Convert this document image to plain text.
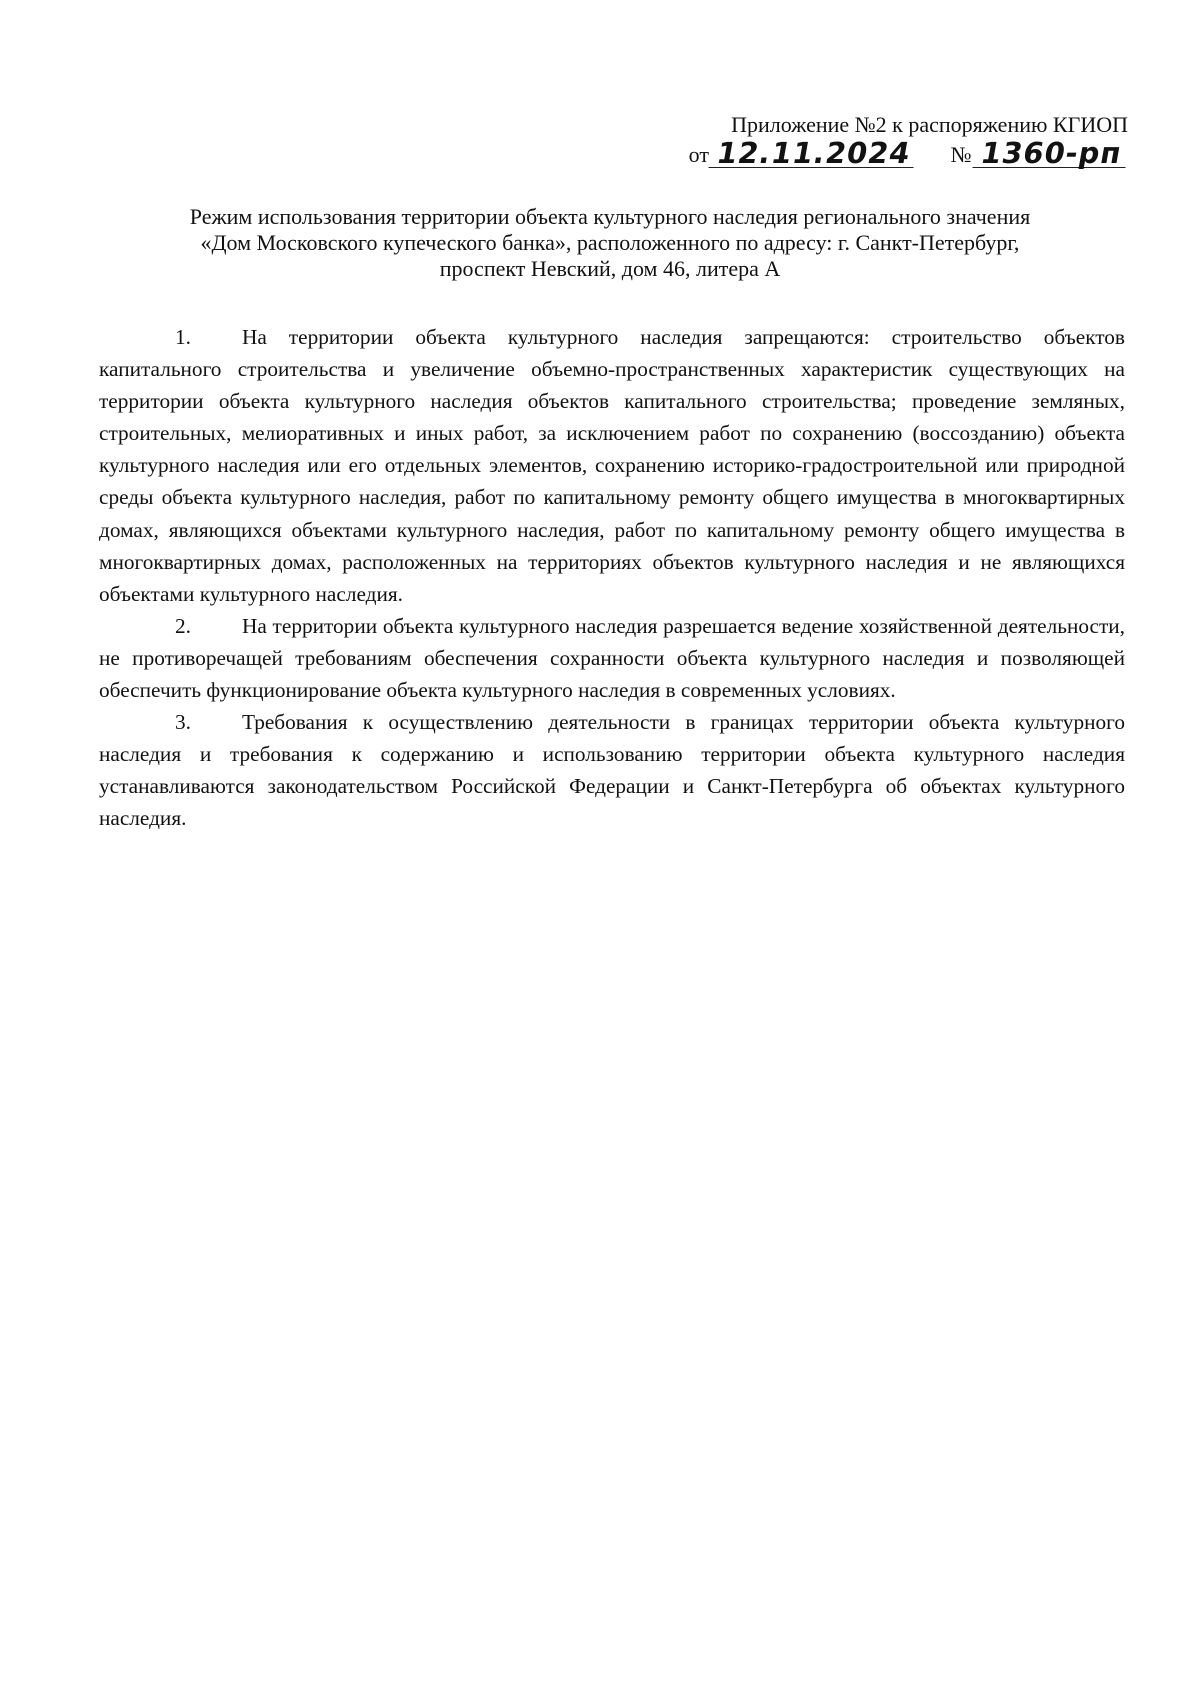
Приложение №2 к распоряжению КГИОП
от 12.11.2024 № 1360-рп
Режим использования территории объекта культурного наследия регионального значения
«Дом Московского купеческого банка», расположенного по адресу: г. Санкт-Петербург,
проспект Невский, дом 46, литера А

1. На территории объекта культурного наследия запрещаются: строительство объектов капитального строительства и увеличение объемно-пространственных характеристик существующих на территории объекта культурного наследия объектов капитального строительства; проведение земляных, строительных, мелиоративных и иных работ, за исключением работ по сохранению (воссозданию) объекта культурного наследия или его отдельных элементов, сохранению историко-градостроительной или природной среды объекта культурного наследия, работ по капитальному ремонту общего имущества в многоквартирных домах, являющихся объектами культурного наследия, работ по капитальному ремонту общего имущества в многоквартирных домах, расположенных на территориях объектов культурного наследия и не являющихся объектами культурного наследия.

2. На территории объекта культурного наследия разрешается ведение хозяйственной деятельности, не противоречащей требованиям обеспечения сохранности объекта культурного наследия и позволяющей обеспечить функционирование объекта культурного наследия в современных условиях.

3. Требования к осуществлению деятельности в границах территории объекта культурного наследия и требования к содержанию и использованию территории объекта культурного наследия устанавливаются законодательством Российской Федерации и Санкт-Петербурга об объектах культурного наследия.
